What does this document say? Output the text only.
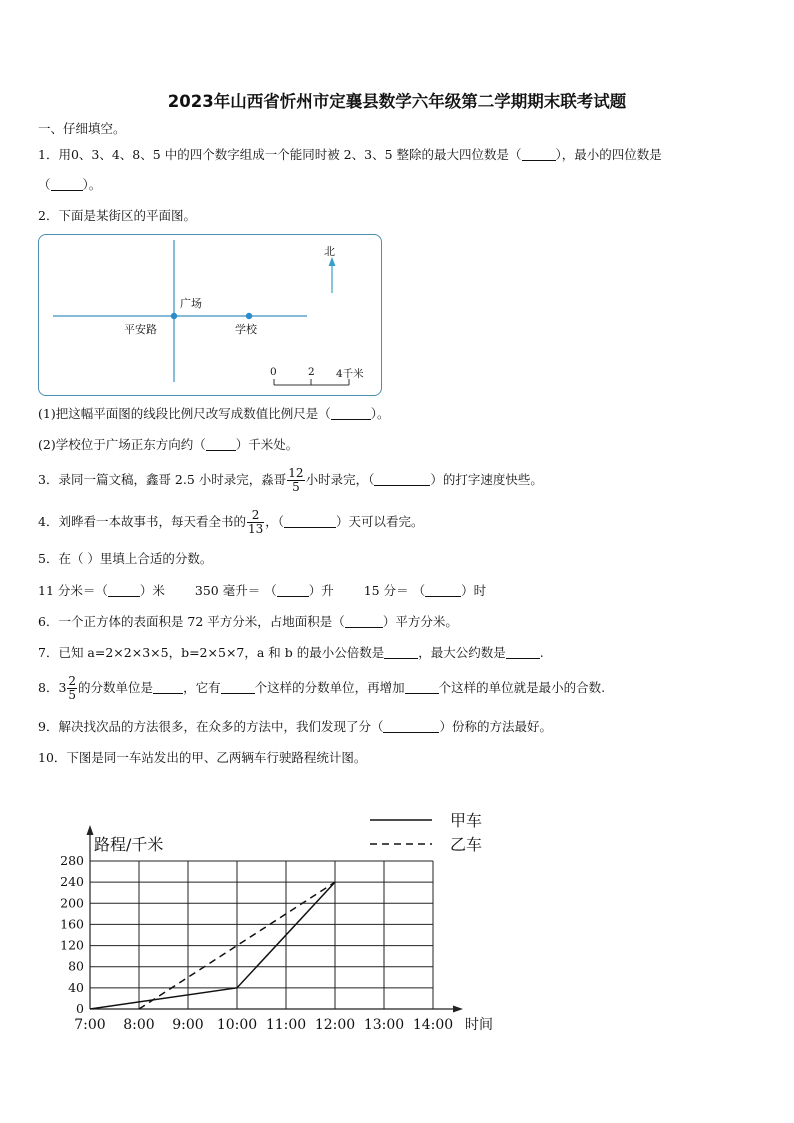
2023年山西省忻州市定襄县数学六年级第二学期期末联考试题
一、仔细填空。
1．用0、3、4、8、5 中的四个数字组成一个能同时被 2、3、5 整除的最大四位数是（	），最小的四位数是
（	）。
2．下面是某街区的平面图。
北
广场
平安路	学校
0	2 4千米
(1)把这幅平面图的线段比例尺改写成数值比例尺是（	）。
(2)学校位于广场正东方向约（ ）千米处。
3．录同一篇文稿，鑫哥 2.5 小时录完，淼哥 $\frac{12}{5}$ 小时录完，（	）的打字速度快些。
4．刘晔看一本故事书，每天看全书的 $\frac{2}{13}$ ，（	）天可以看完。
5．在（ ）里填上合适的分数。
11 分米＝（	）米 350 毫升＝ （	）升 15 分＝ （	）时
6．一个正方体的表面积是 72 平方分米，占地面积是（	）平方分米。
7．已知 a=2×2×3×5，b=2×5×7，a 和 b 的最小公倍数是	，最大公约数是	.
8．$3 \frac{2}{5}$ 的分数单位是 ，它有	个这样的分数单位，再增加	个这样的单位就是最小的合数.
9．解决找次品的方法很多，在众多的方法中，我们发现了分（	）份称的方法最好。
10．下图是同一车站发出的甲、乙两辆车行驶路程统计图。
0
40
80
120
160
200
240
280
7:00 8:00 9:00 10:00 11:00 12:00 13:00 14:00
路程/千米
时间
甲车
乙车
